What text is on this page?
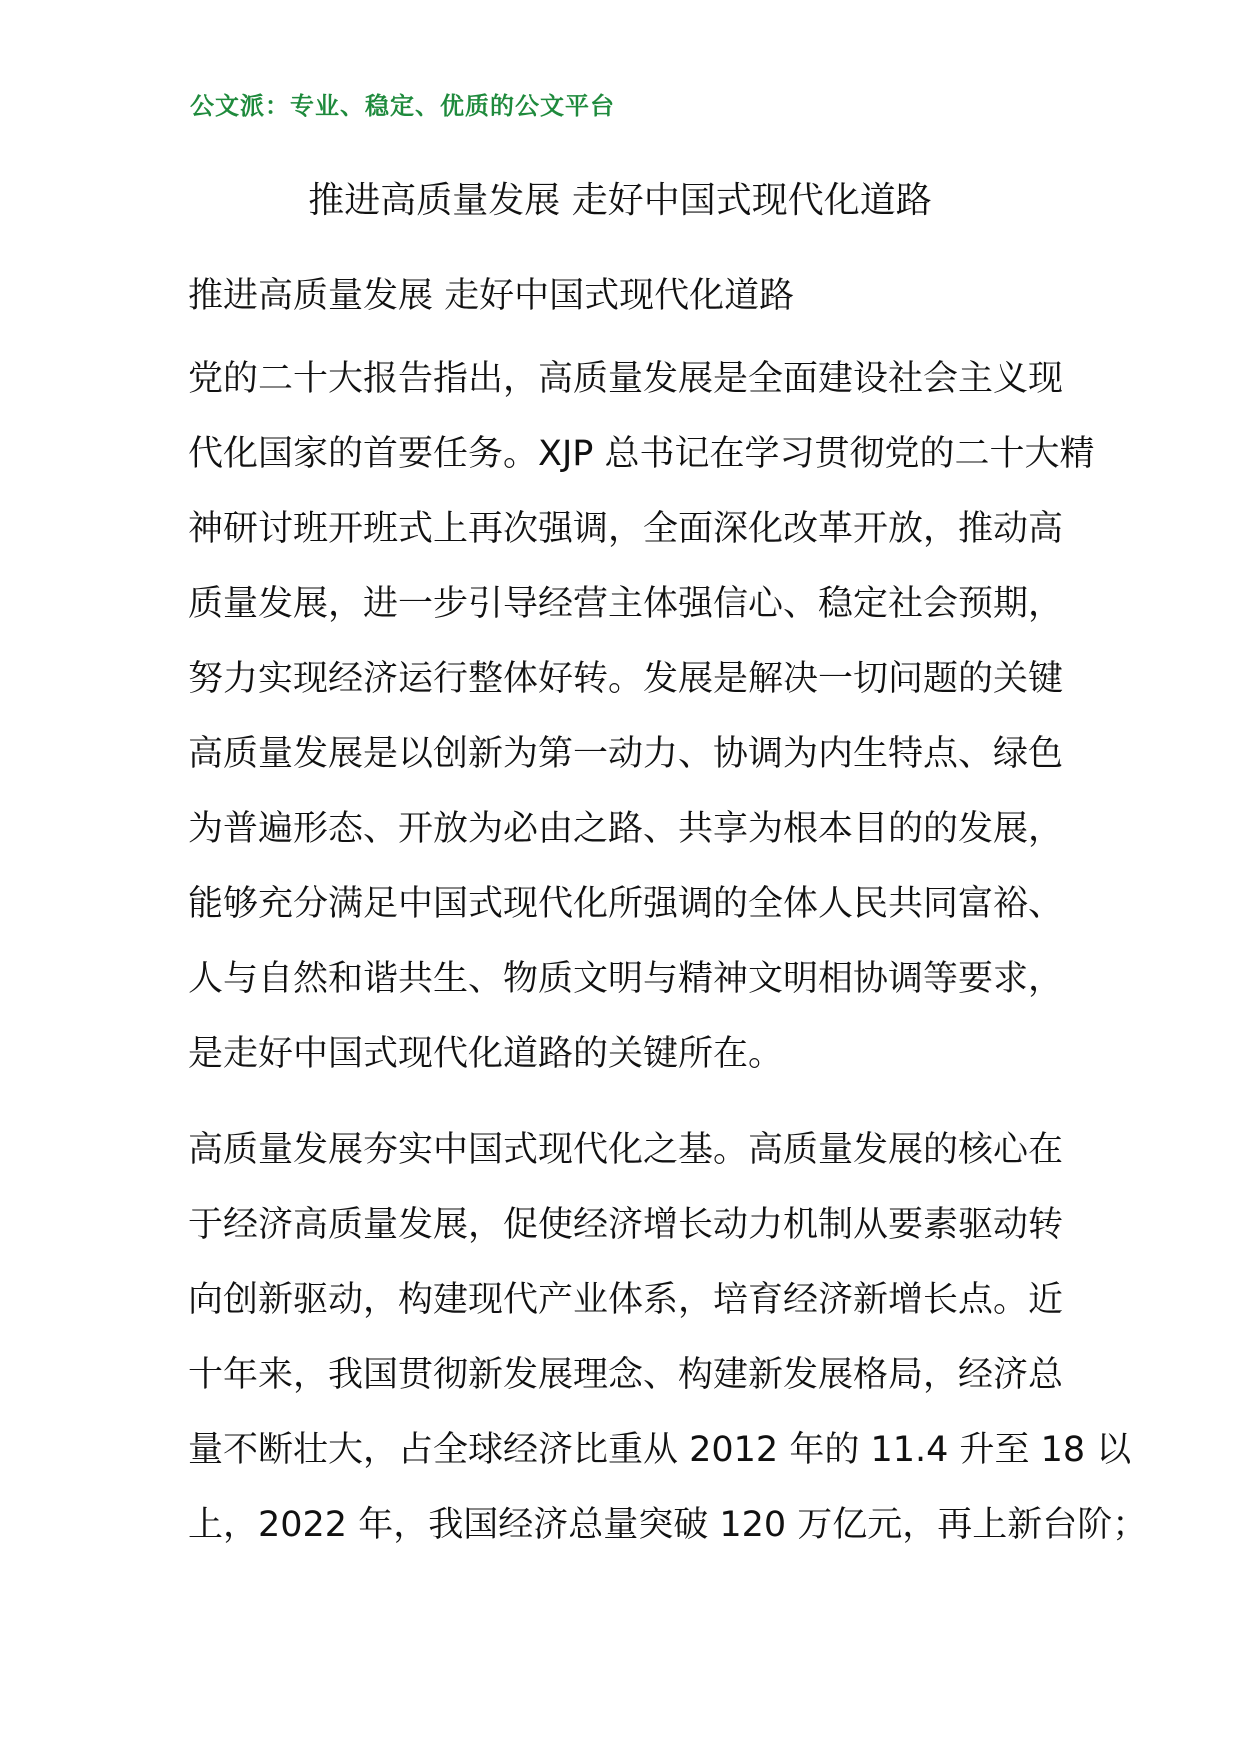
公文派：专业、稳定、优质的公文平台
推进高质量发展 走好中国式现代化道路
推进高质量发展 走好中国式现代化道路
党的二十大报告指出，高质量发展是全面建设社会主义现
代化国家的首要任务。XJP 总书记在学习贯彻党的二十大精
神研讨班开班式上再次强调，全面深化改革开放，推动高
质量发展，进一步引导经营主体强信心、稳定社会预期，
努力实现经济运行整体好转。发展是解决一切问题的关键
高质量发展是以创新为第一动力、协调为内生特点、绿色
为普遍形态、开放为必由之路、共享为根本目的的发展，
能够充分满足中国式现代化所强调的全体人民共同富裕、
人与自然和谐共生、物质文明与精神文明相协调等要求，
是走好中国式现代化道路的关键所在。
高质量发展夯实中国式现代化之基。高质量发展的核心在
于经济高质量发展，促使经济增长动力机制从要素驱动转
向创新驱动，构建现代产业体系，培育经济新增长点。近
十年来，我国贯彻新发展理念、构建新发展格局，经济总
量不断壮大，占全球经济比重从 2012 年的 11.4 升至 18 以
上，2022 年，我国经济总量突破 120 万亿元，再上新台阶；
